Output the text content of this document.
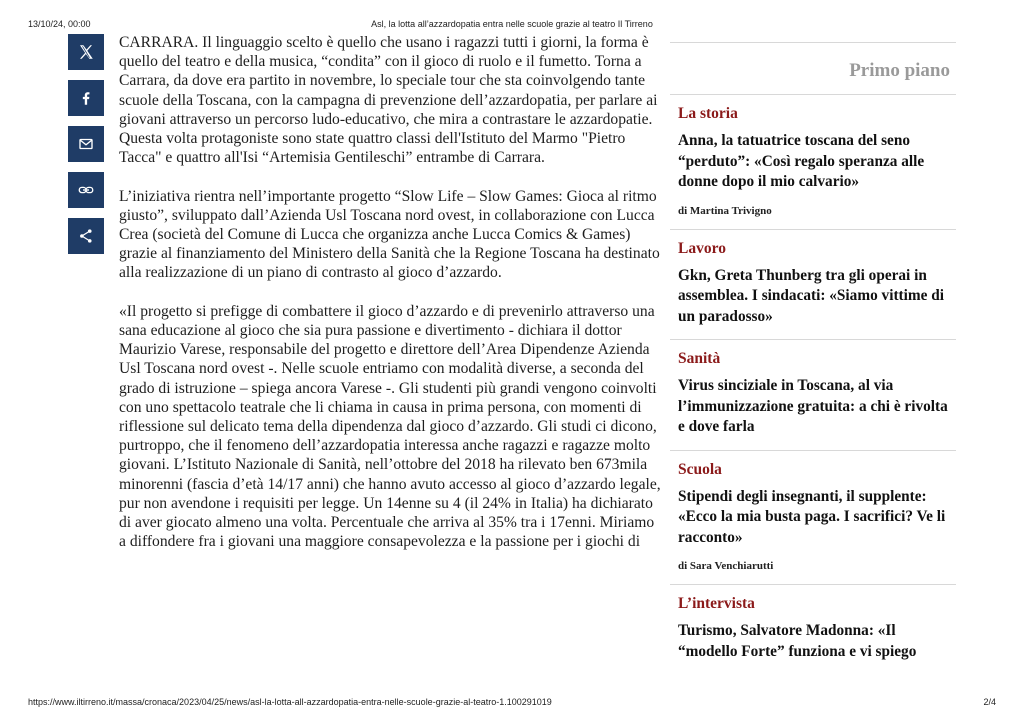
13/10/24, 00:00	Asl, la lotta all’azzardopatia entra nelle scuole grazie al teatro Il Tirreno

CARRARA. Il linguaggio scelto è quello che usano i ragazzi tutti i giorni, la forma è quello del teatro e della musica, “condita” con il gioco di ruolo e il fumetto. Torna a Carrara, da dove era partito in novembre, lo speciale tour che sta coinvolgendo tante scuole della Toscana, con la campagna di prevenzione dell’azzardopatia, per parlare ai giovani attraverso un percorso ludo-educativo, che mira a contrastare le azzardopatie. Questa volta protagoniste sono state quattro classi dell'Istituto del Marmo "Pietro Tacca" e quattro all'Isi “Artemisia Gentileschi” entrambe di Carrara.

L’iniziativa rientra nell’importante progetto “Slow Life – Slow Games: Gioca al ritmo giusto”, sviluppato dall’Azienda Usl Toscana nord ovest, in collaborazione con Lucca Crea (società del Comune di Lucca che organizza anche Lucca Comics & Games) grazie al finanziamento del Ministero della Sanità che la Regione Toscana ha destinato alla realizzazione di un piano di contrasto al gioco d’azzardo.

«Il progetto si prefigge di combattere il gioco d’azzardo e di prevenirlo attraverso una sana educazione al gioco che sia pura passione e divertimento - dichiara il dottor Maurizio Varese, responsabile del progetto e direttore dell’Area Dipendenze Azienda Usl Toscana nord ovest -. Nelle scuole entriamo con modalità diverse, a seconda del grado di istruzione – spiega ancora Varese -. Gli studenti più grandi vengono coinvolti con uno spettacolo teatrale che li chiama in causa in prima persona, con momenti di riflessione sul delicato tema della dipendenza dal gioco d’azzardo. Gli studi ci dicono, purtroppo, che il fenomeno dell’azzardopatia interessa anche ragazzi e ragazze molto giovani. L’Istituto Nazionale di Sanità, nell’ottobre del 2018 ha rilevato ben 673mila minorenni (fascia d’età 14/17 anni) che hanno avuto accesso al gioco d’azzardo legale, pur non avendone i requisiti per legge. Un 14enne su 4 (il 24% in Italia) ha dichiarato di aver giocato almeno una volta. Percentuale che arriva al 35% tra i 17enni. Miriamo a diffondere fra i giovani una maggiore consapevolezza e la passione per i giochi di

Primo piano
La storia
Anna, la tatuatrice toscana del seno “perduto”: «Così regalo speranza alle donne dopo il mio calvario»
di Martina Trivigno
Lavoro
Gkn, Greta Thunberg tra gli operai in assemblea. I sindacati: «Siamo vittime di un paradosso»
Sanità
Virus sinciziale in Toscana, al via l’immunizzazione gratuita: a chi è rivolta e dove farla
Scuola
Stipendi degli insegnanti, il supplente: «Ecco la mia busta paga. I sacrifici? Ve li racconto»
di Sara Venchiarutti
L’intervista
Turismo, Salvatore Madonna: «Il “modello Forte” funziona e vi spiego
https://www.iltirreno.it/massa/cronaca/2023/04/25/news/asl-la-lotta-all-azzardopatia-entra-nelle-scuole-grazie-al-teatro-1.100291019	2/4
